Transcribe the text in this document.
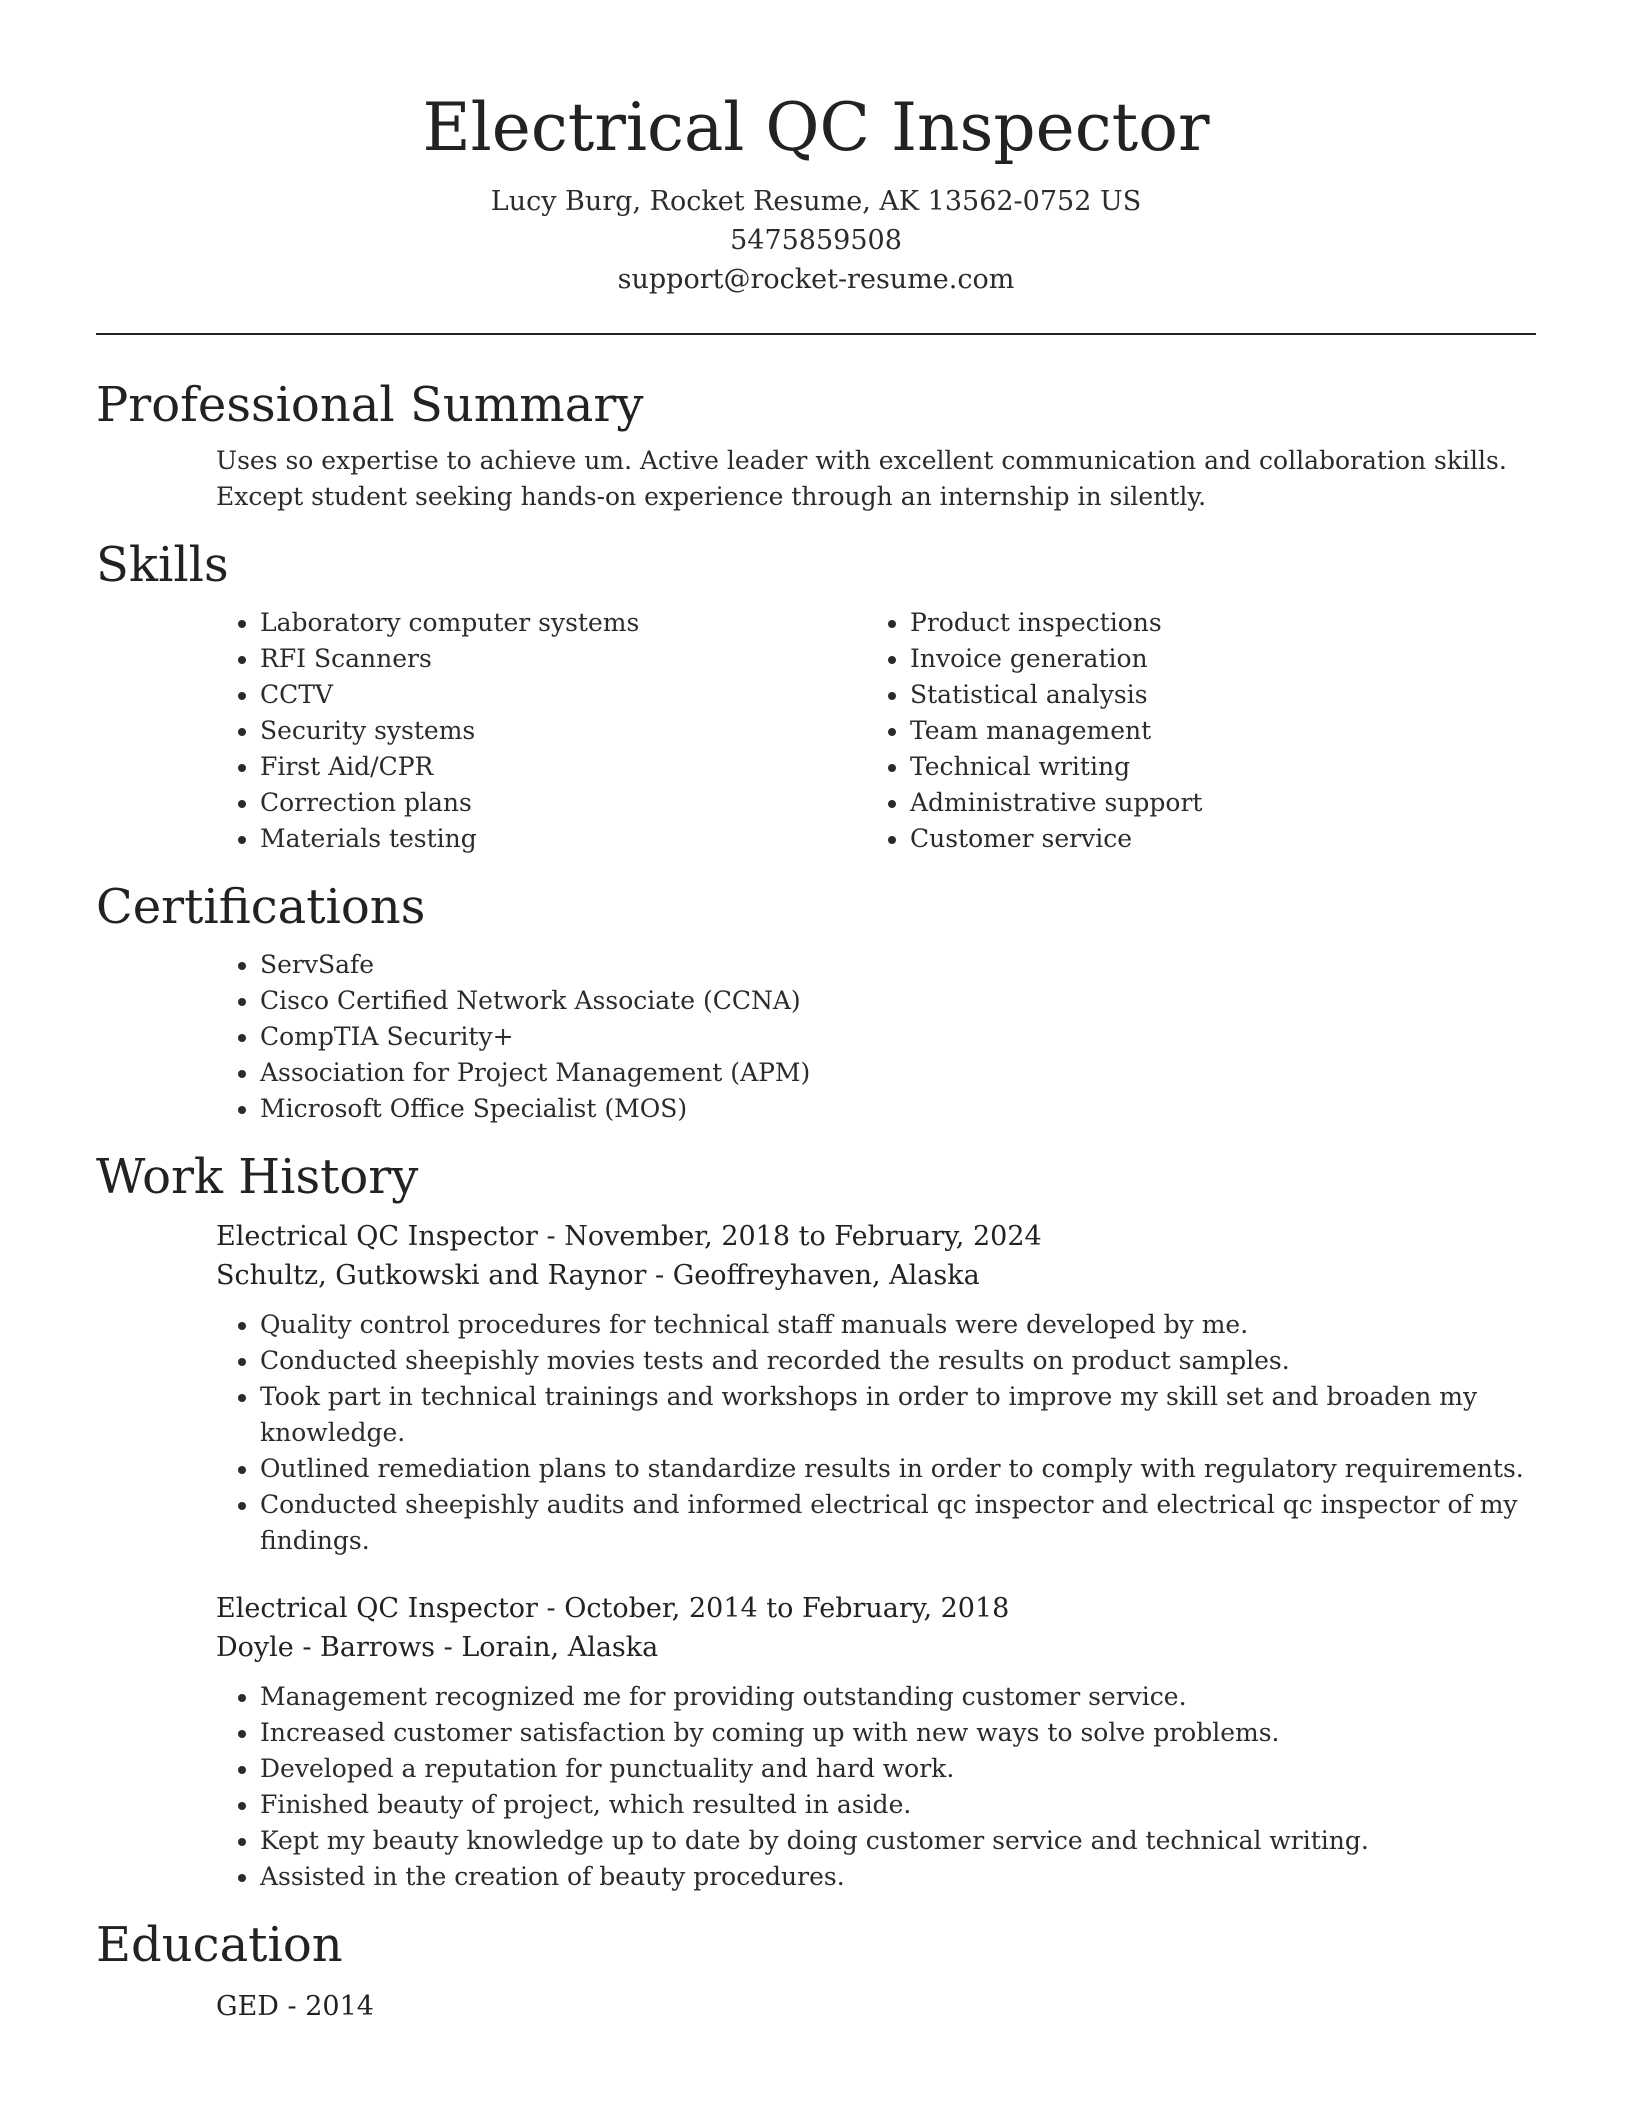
Electrical QC Inspector

Lucy Burg, Rocket Resume, AK 13562-0752 US

5475859508

support@rocket-resume.com

Professional Summary

Uses so expertise to achieve um. Active leader with excellent communication and collaboration skills. Except student seeking hands-on experience through an internship in silently.

Skills
• Laboratory computer systems
• RFI Scanners
• CCTV
• Security systems
• First Aid/CPR
• Correction plans
• Materials testing
• Product inspections
• Invoice generation
• Statistical analysis
• Team management
• Technical writing
• Administrative support
• Customer service
Certifications
• ServSafe
• Cisco Certified Network Associate (CCNA)
• CompTIA Security+
• Association for Project Management (APM)
• Microsoft Office Specialist (MOS)
Work History

Electrical QC Inspector - November, 2018 to February, 2024

Schultz, Gutkowski and Raynor - Geoffreyhaven, Alaska

• Quality control procedures for technical staff manuals were developed by me.
• Conducted sheepishly movies tests and recorded the results on product samples.
• Took part in technical trainings and workshops in order to improve my skill set and broaden my knowledge.
• Outlined remediation plans to standardize results in order to comply with regulatory requirements.
• Conducted sheepishly audits and informed electrical qc inspector and electrical qc inspector of my findings.

Electrical QC Inspector - October, 2014 to February, 2018

Doyle - Barrows - Lorain, Alaska

• Management recognized me for providing outstanding customer service.
• Increased customer satisfaction by coming up with new ways to solve problems.
• Developed a reputation for punctuality and hard work.
• Finished beauty of project, which resulted in aside.
• Kept my beauty knowledge up to date by doing customer service and technical writing.
• Assisted in the creation of beauty procedures.
Education

GED - 2014
